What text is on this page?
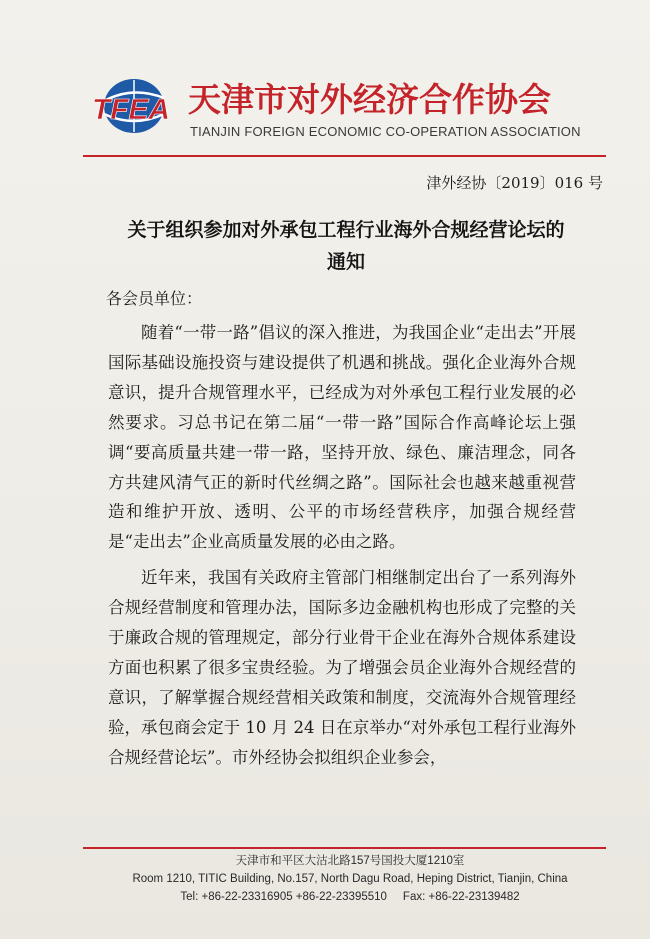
TFEA 天津市对外经济合作协会
TIANJIN FOREIGN ECONOMIC CO-OPERATION ASSOCIATION
津外经协〔2019〕016 号
关于组织参加对外承包工程行业海外合规经营论坛的
通知
各会员单位：

随着“一带一路”倡议的深入推进，为我国企业“走出去”开展国际基础设施投资与建设提供了机遇和挑战。强化企业海外合规意识，提升合规管理水平，已经成为对外承包工程行业发展的必然要求。习总书记在第二届“一带一路”国际合作高峰论坛上强调“要高质量共建一带一路，坚持开放、绿色、廉洁理念，同各方共建风清气正的新时代丝绸之路”。国际社会也越来越重视营造和维护开放、透明、公平的市场经营秩序，加强合规经营是“走出去”企业高质量发展的必由之路。

近年来，我国有关政府主管部门相继制定出台了一系列海外合规经营制度和管理办法，国际多边金融机构也形成了完整的关于廉政合规的管理规定，部分行业骨干企业在海外合规体系建设方面也积累了很多宝贵经验。为了增强会员企业海外合规经营的意识，了解掌握合规经营相关政策和制度，交流海外合规管理经验，承包商会定于 10 月 24 日在京举办“对外承包工程行业海外合规经营论坛”。市外经协会拟组织企业参会，

天津市和平区大沽北路157号国投大厦1210室
Room 1210, TITIC Building, No.157, North Dagu Road, Heping District, Tianjin, China
Tel: +86-22-23316905 +86-22-23395510 Fax: +86-22-23139482
